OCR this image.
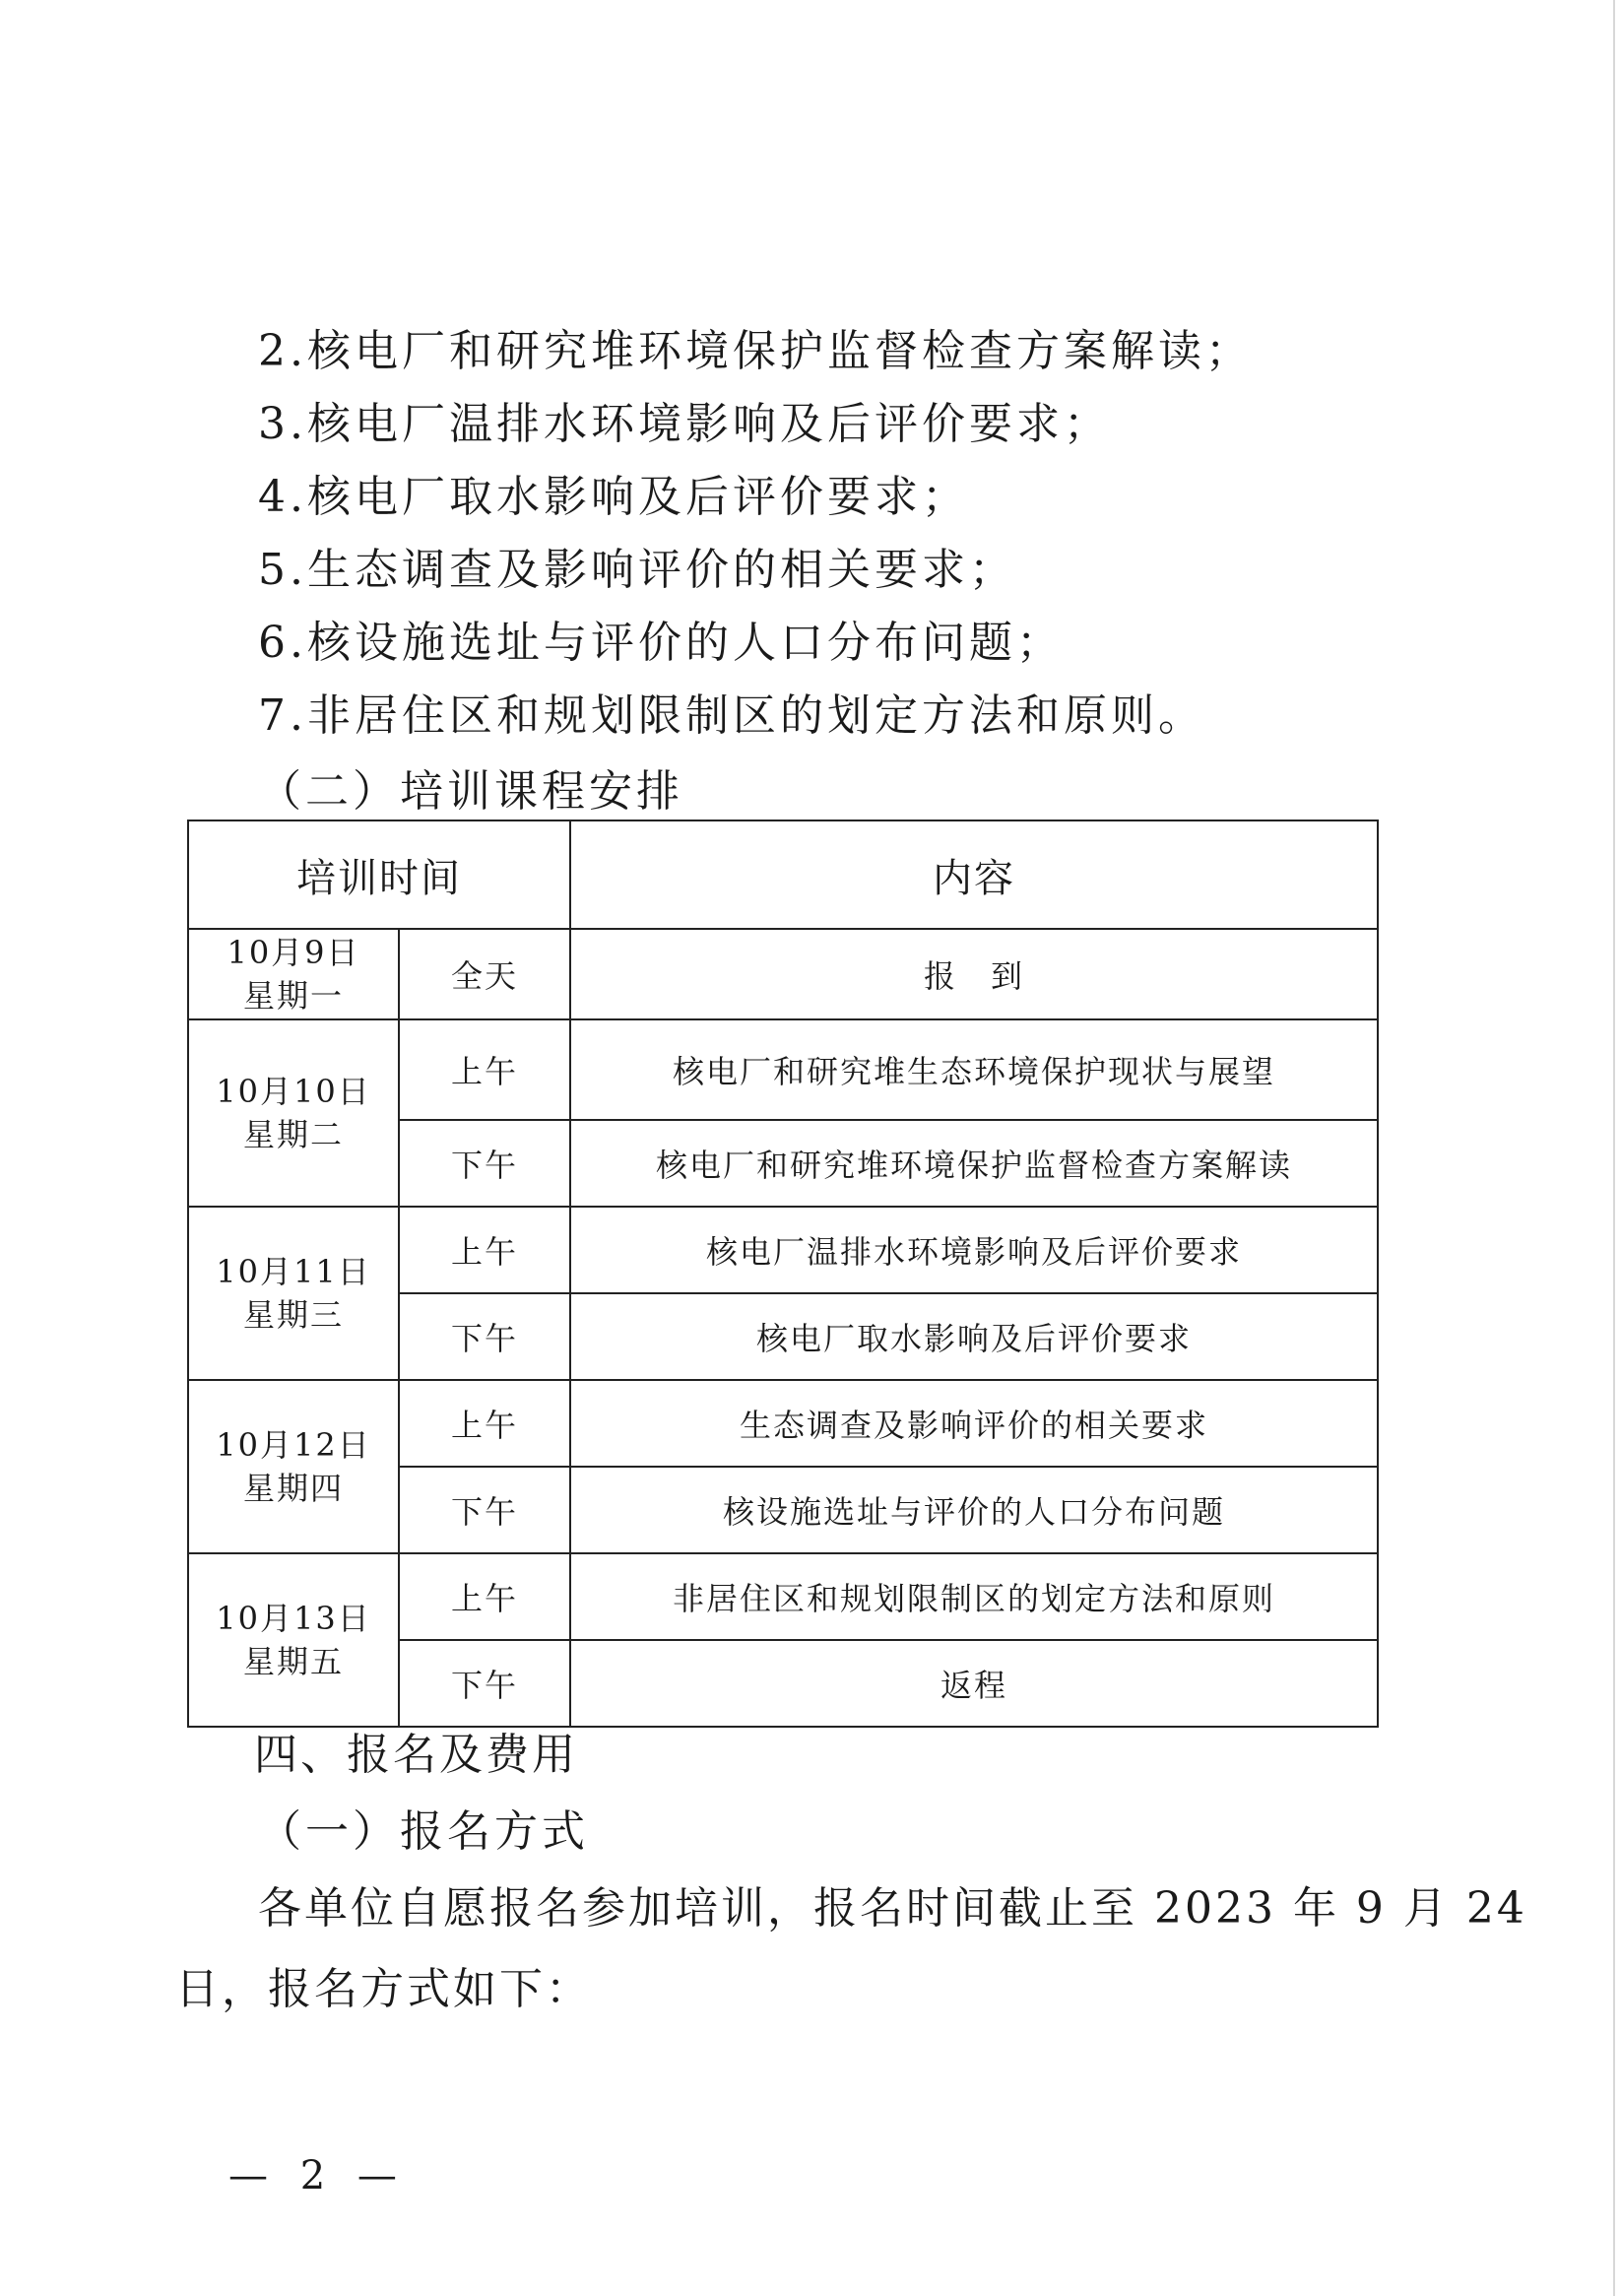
2.核电厂和研究堆环境保护监督检查方案解读；
3.核电厂温排水环境影响及后评价要求；
4.核电厂取水影响及后评价要求；
5.生态调查及影响评价的相关要求；
6.核设施选址与评价的人口分布问题；
7.非居住区和规划限制区的划定方法和原则。
（二）培训课程安排
培训时间		内容

10月9日
星期一	全天	报　到

10月10日
星期二	上午	核电厂和研究堆生态环境保护现状与展望
	下午	核电厂和研究堆环境保护监督检查方案解读

10月11日
星期三	上午	核电厂温排水环境影响及后评价要求
	下午	核电厂取水影响及后评价要求

10月12日
星期四	上午	生态调查及影响评价的相关要求
	下午	核设施选址与评价的人口分布问题

10月13日
星期五	上午	非居住区和规划限制区的划定方法和原则
	下午	返程
四、报名及费用
（一）报名方式

各单位自愿报名参加培训，报名时间截止至 2023 年 9 月 24

日，报名方式如下：

— 2 —
